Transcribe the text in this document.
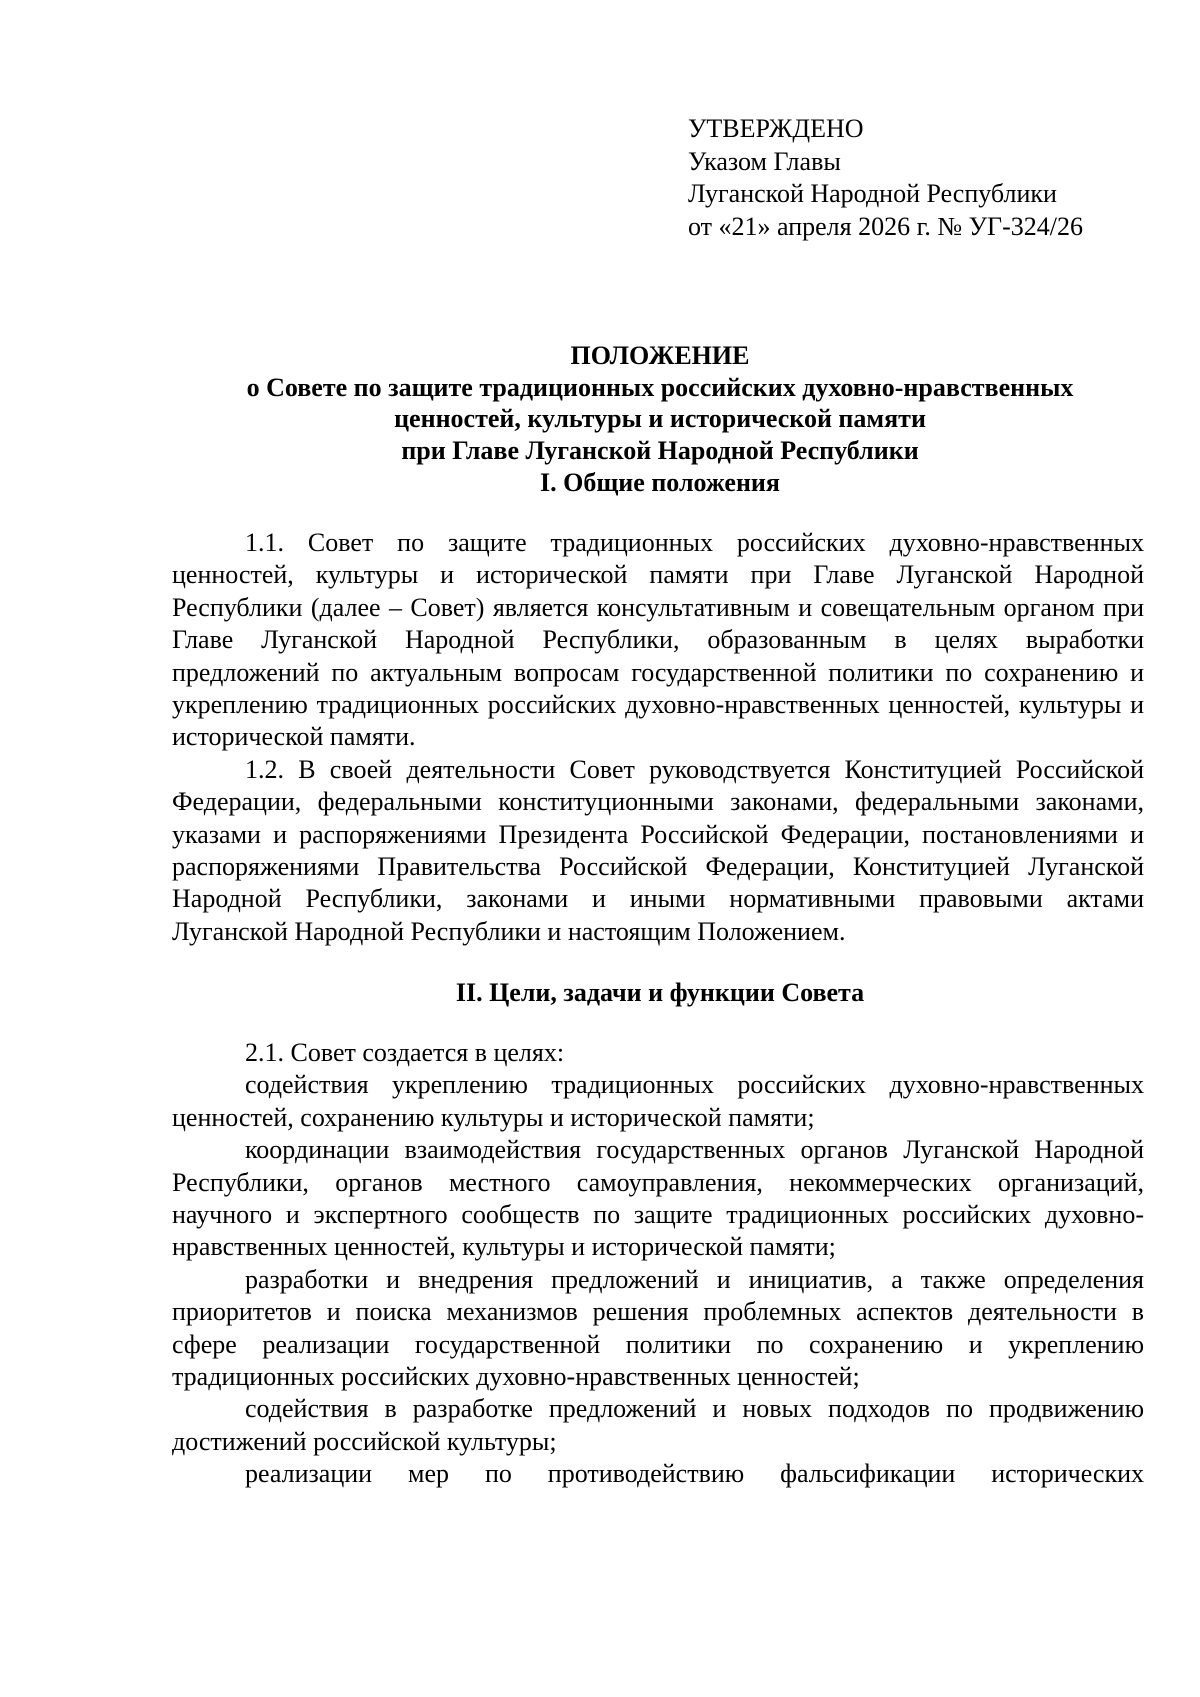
УТВЕРЖДЕНО
Указом Главы
Луганской Народной Республики
от «21» апреля 2026 г. № УГ-324/26
ПОЛОЖЕНИЕ
о Совете по защите традиционных российских духовно-нравственных
ценностей, культуры и исторической памяти
при Главе Луганской Народной Республики
I. Общие положения

1.1. Совет по защите традиционных российских духовно-нравственных ценностей, культуры и исторической памяти при Главе Луганской Народной Республики (далее – Совет) является консультативным и совещательным органом при Главе Луганской Народной Республики, образованным в целях выработки предложений по актуальным вопросам государственной политики по сохранению и укреплению традиционных российских духовно-нравственных ценностей, культуры и исторической памяти.

1.2. В своей деятельности Совет руководствуется Конституцией Российской Федерации, федеральными конституционными законами, федеральными законами, указами и распоряжениями Президента Российской Федерации, постановлениями и распоряжениями Правительства Российской Федерации, Конституцией Луганской Народной Республики, законами и иными нормативными правовыми актами Луганской Народной Республики и настоящим Положением.

II. Цели, задачи и функции Совета

2.1. Совет создается в целях:

содействия укреплению традиционных российских духовно-нравственных ценностей, сохранению культуры и исторической памяти;

координации взаимодействия государственных органов Луганской Народной Республики, органов местного самоуправления, некоммерческих организаций, научного и экспертного сообществ по защите традиционных российских духовно-нравственных ценностей, культуры и исторической памяти;

разработки и внедрения предложений и инициатив, а также определения приоритетов и поиска механизмов решения проблемных аспектов деятельности в сфере реализации государственной политики по сохранению и укреплению традиционных российских духовно-нравственных ценностей;

содействия в разработке предложений и новых подходов по продвижению достижений российской культуры;

реализации мер по противодействию фальсификации исторических
